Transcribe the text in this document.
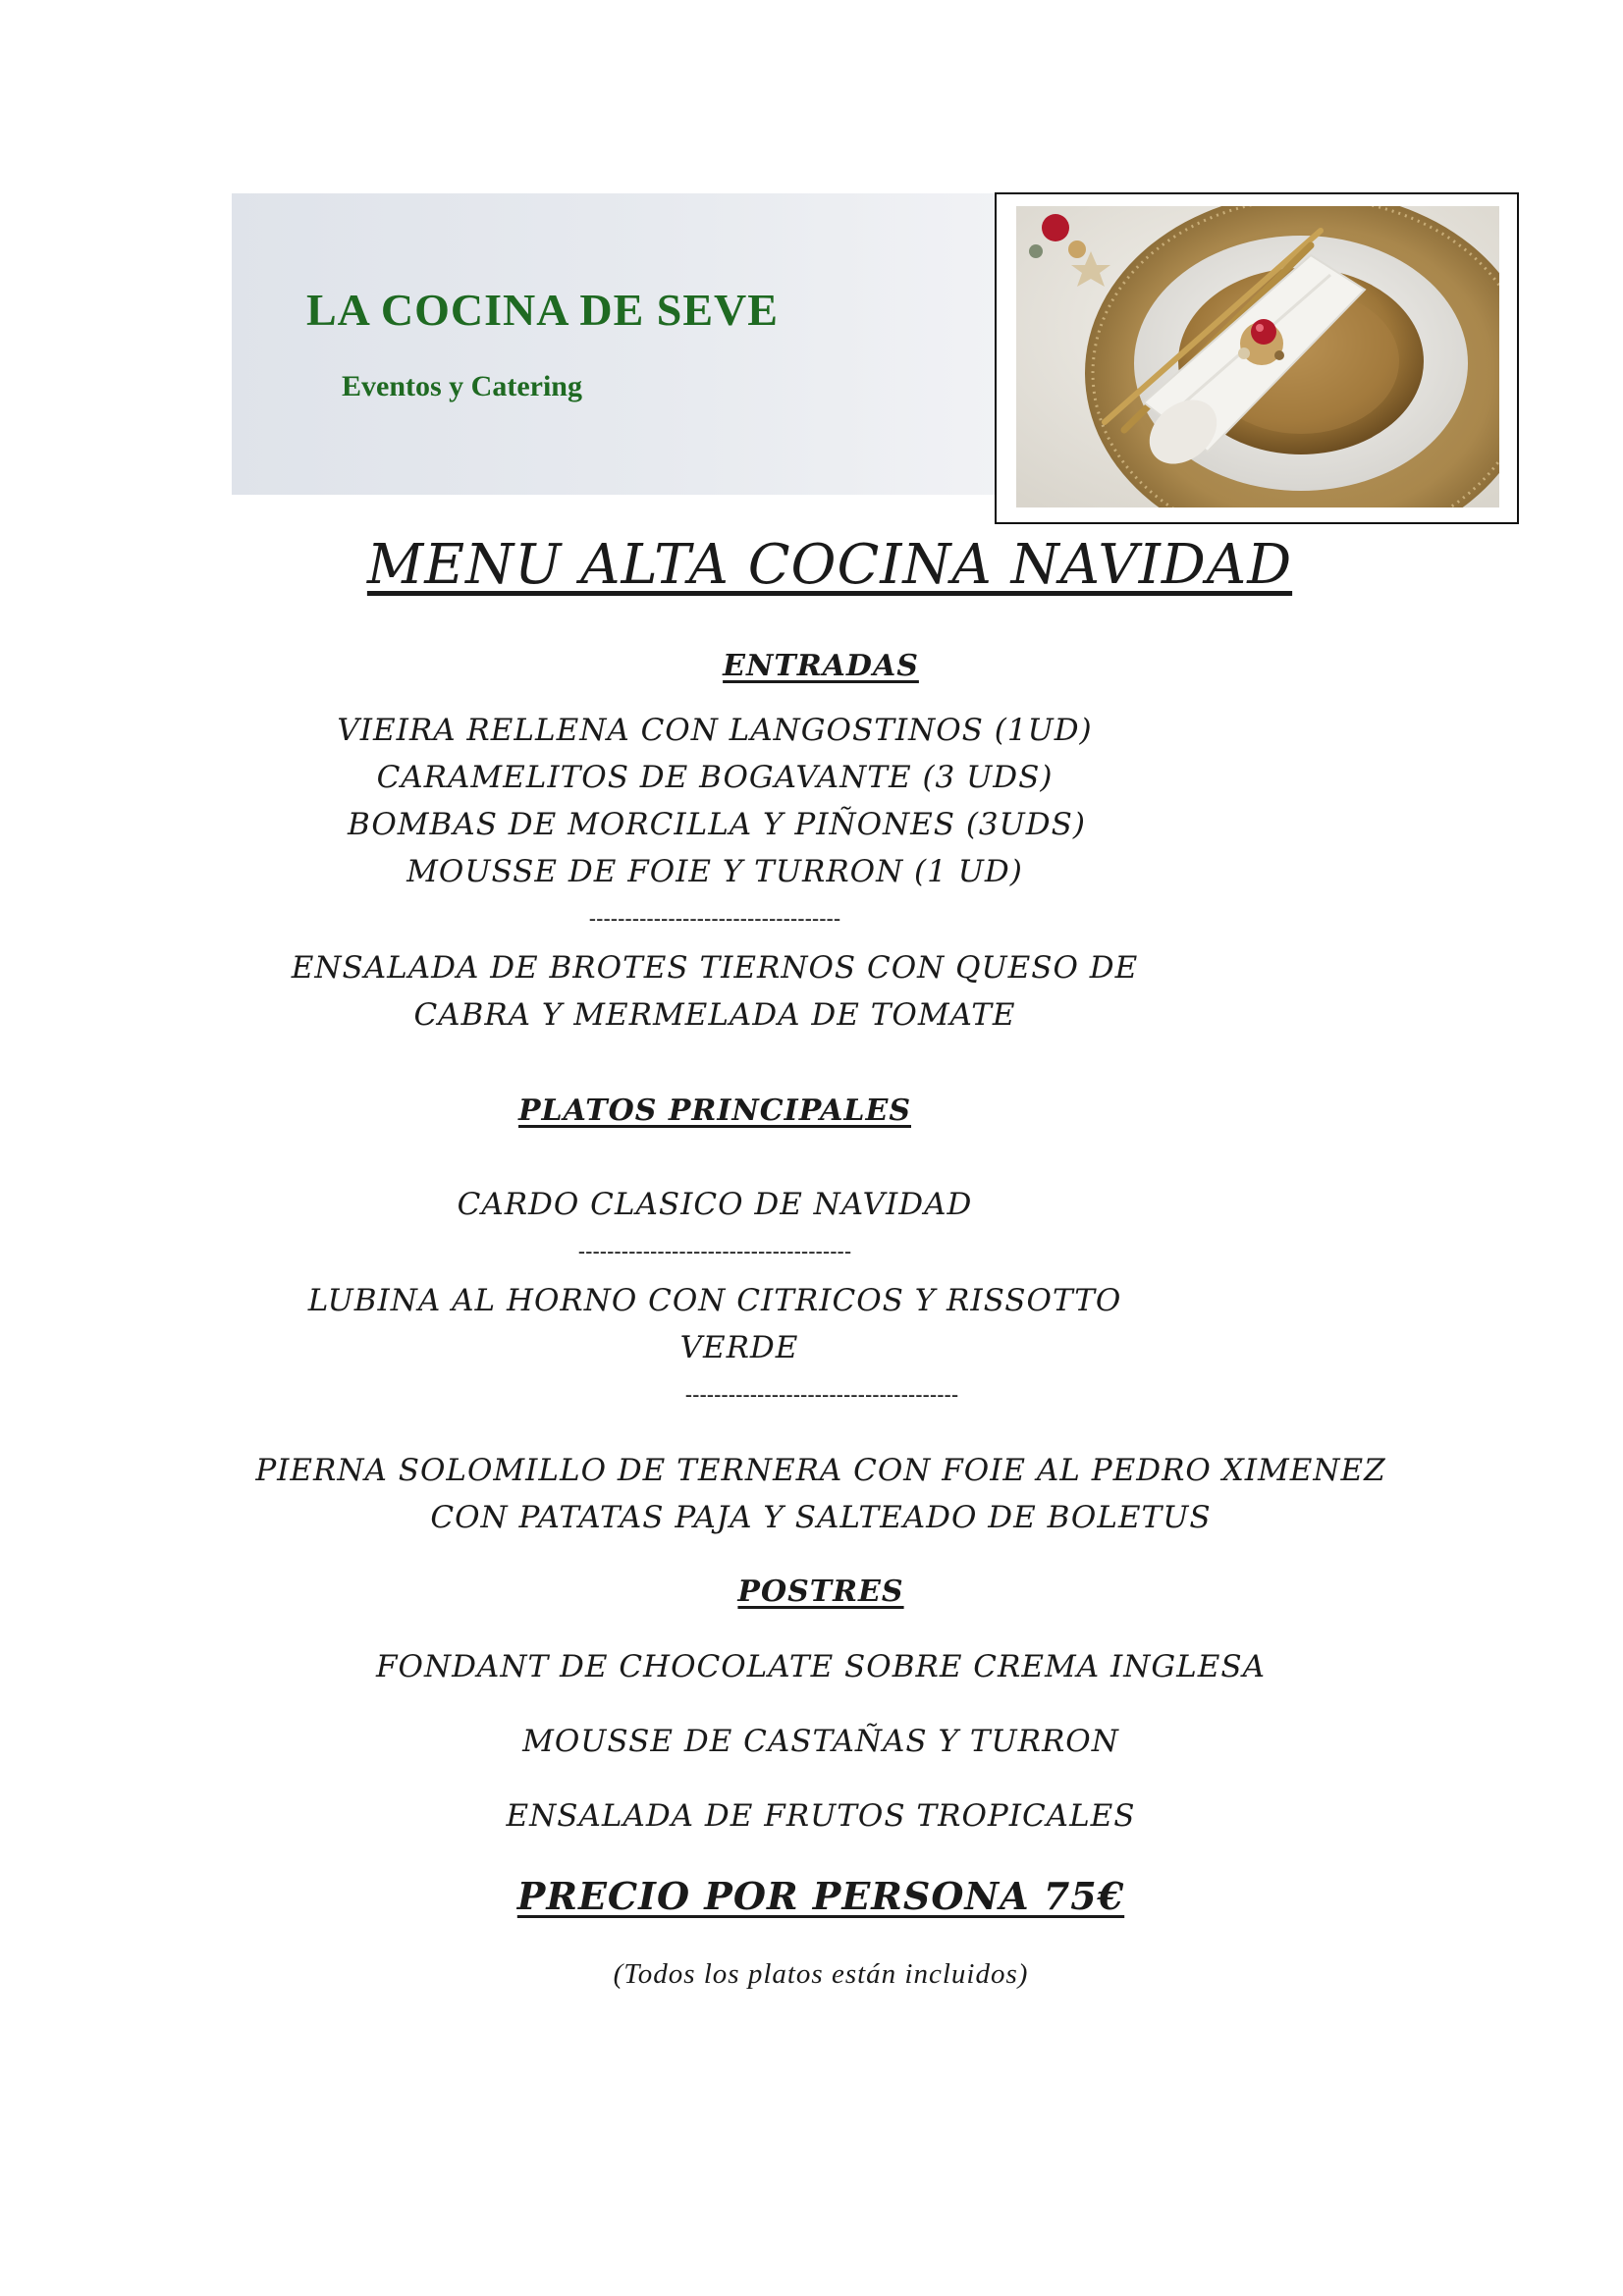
LA COCINA DE SEVE
Eventos y Catering
MENU ALTA COCINA NAVIDAD
ENTRADAS
VIEIRA RELLENA CON LANGOSTINOS (1UD)
CARAMELITOS DE BOGAVANTE (3 UDS)
BOMBAS DE MORCILLA Y PIÑONES (3UDS)
MOUSSE DE FOIE Y TURRON (1 UD)
-----------------------------------
ENSALADA DE BROTES TIERNOS CON QUESO DE
CABRA Y MERMELADA DE TOMATE
PLATOS PRINCIPALES
CARDO CLASICO DE NAVIDAD
--------------------------------------
LUBINA AL HORNO CON CITRICOS Y RISSOTTO
VERDE
--------------------------------------
PIERNA SOLOMILLO DE TERNERA CON FOIE AL PEDRO XIMENEZ
CON PATATAS PAJA Y SALTEADO DE BOLETUS
POSTRES
FONDANT DE CHOCOLATE SOBRE CREMA INGLESA
MOUSSE DE CASTAÑAS Y TURRON
ENSALADA DE FRUTOS TROPICALES
PRECIO POR PERSONA 75€
(Todos los platos están incluidos)
